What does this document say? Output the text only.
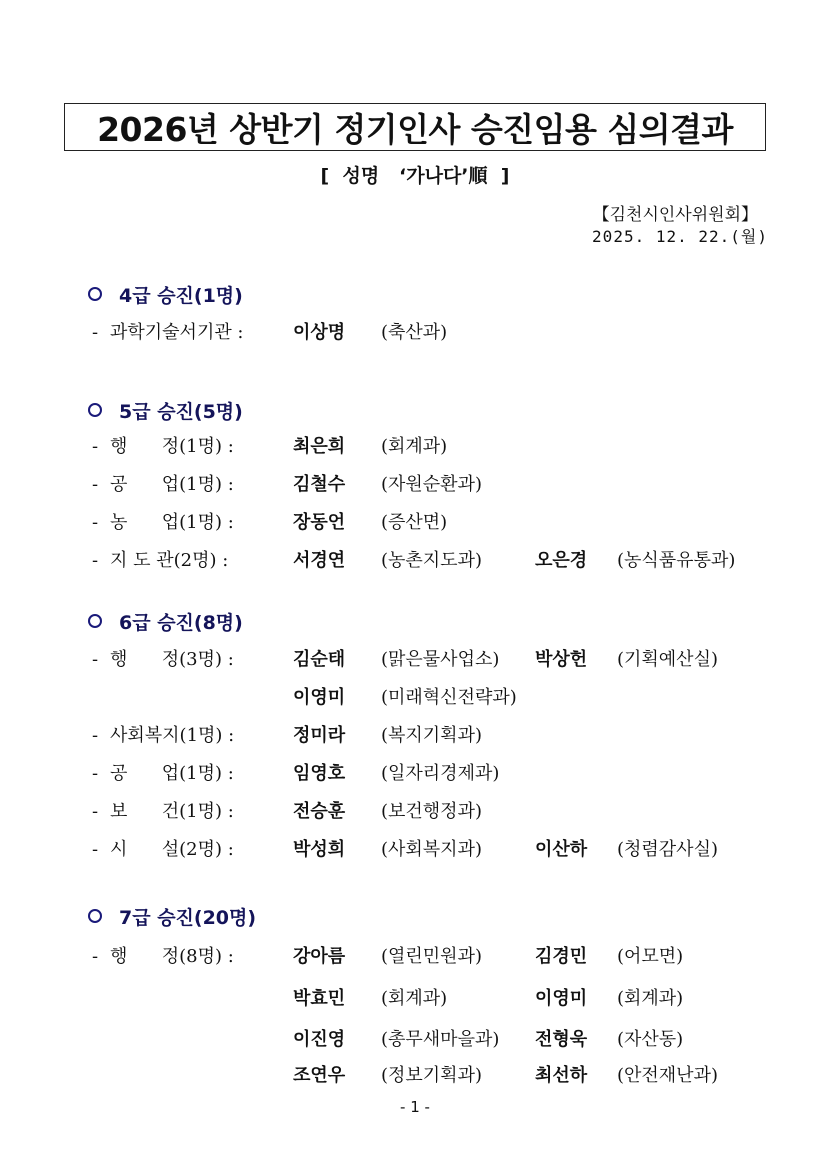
2026년 상반기 정기인사 승진임용 심의결과
[  성명   ‘가나다’順  ]
【김천시인사위원회】
2025. 12. 22.(월)
4급 승진(1명)
- 과학기술서기관 :	이상명 (축산과)
5급 승진(5명)
- 행      정(1명) :	최은희 (회계과)
- 공      업(1명) :	김철수 (자원순환과)
- 농      업(1명) :	장동언 (증산면)
- 지 도 관(2명) :	서경연 (농촌지도과)	오은경 (농식품유통과)
6급 승진(8명)
- 행      정(3명) :	김순태 (맑은물사업소) 박상헌 (기획예산실)
이영미 (미래혁신전략과)
- 사회복지(1명) :	정미라 (복지기획과)
- 공      업(1명) :	임영호 (일자리경제과)
- 보      건(1명) :	전승훈 (보건행정과)
- 시      설(2명) :	박성희 (사회복지과)	이산하 (청렴감사실)
7급 승진(20명)
- 행      정(8명) :	강아름 (열린민원과)	김경민 (어모면)
박효민 (회계과)	이영미 (회계과)
이진영 (총무새마을과) 전형욱 (자산동)
조연우 (정보기획과)	최선하 (안전재난과)
- 1 -
